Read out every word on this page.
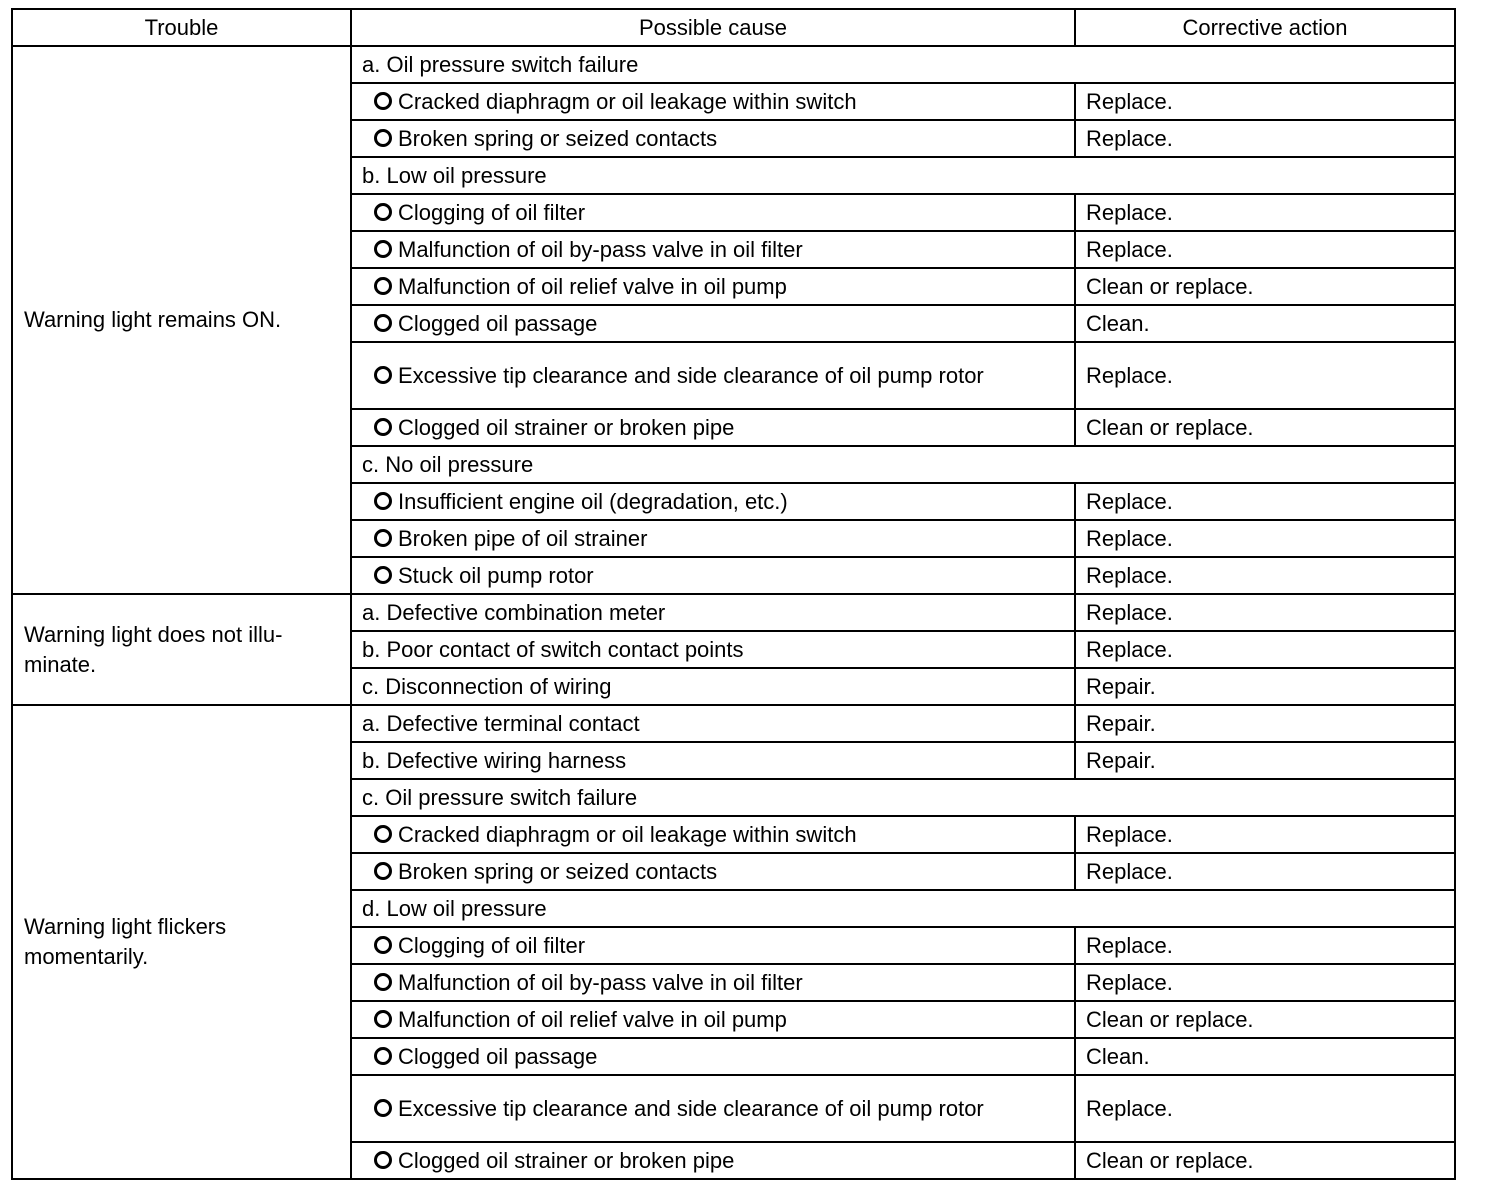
Trouble	Possible cause	Corrective action
Warning light remains ON.	a. Oil pressure switch failure	
	Cracked diaphragm or oil leakage within switch	Replace.
	Broken spring or seized contacts	Replace.
	b. Low oil pressure	
	Clogging of oil filter	Replace.
	Malfunction of oil by-pass valve in oil filter	Replace.
	Malfunction of oil relief valve in oil pump	Clean or replace.
	Clogged oil passage	Clean.
	Excessive tip clearance and side clearance of oil pump rotor	Replace.
	Clogged oil strainer or broken pipe	Clean or replace.
	c. No oil pressure	
	Insufficient engine oil (degradation, etc.)	Replace.
	Broken pipe of oil strainer	Replace.
	Stuck oil pump rotor	Replace.
Warning light does not illu-
minate.	a. Defective combination meter	Replace.
	b. Poor contact of switch contact points	Replace.
	c. Disconnection of wiring	Repair.
Warning light flickers
momentarily.	a. Defective terminal contact	Repair.
	b. Defective wiring harness	Repair.
	c. Oil pressure switch failure	
	Cracked diaphragm or oil leakage within switch	Replace.
	Broken spring or seized contacts	Replace.
	d. Low oil pressure	
	Clogging of oil filter	Replace.
	Malfunction of oil by-pass valve in oil filter	Replace.
	Malfunction of oil relief valve in oil pump	Clean or replace.
	Clogged oil passage	Clean.
	Excessive tip clearance and side clearance of oil pump rotor	Replace.
	Clogged oil strainer or broken pipe	Clean or replace.
